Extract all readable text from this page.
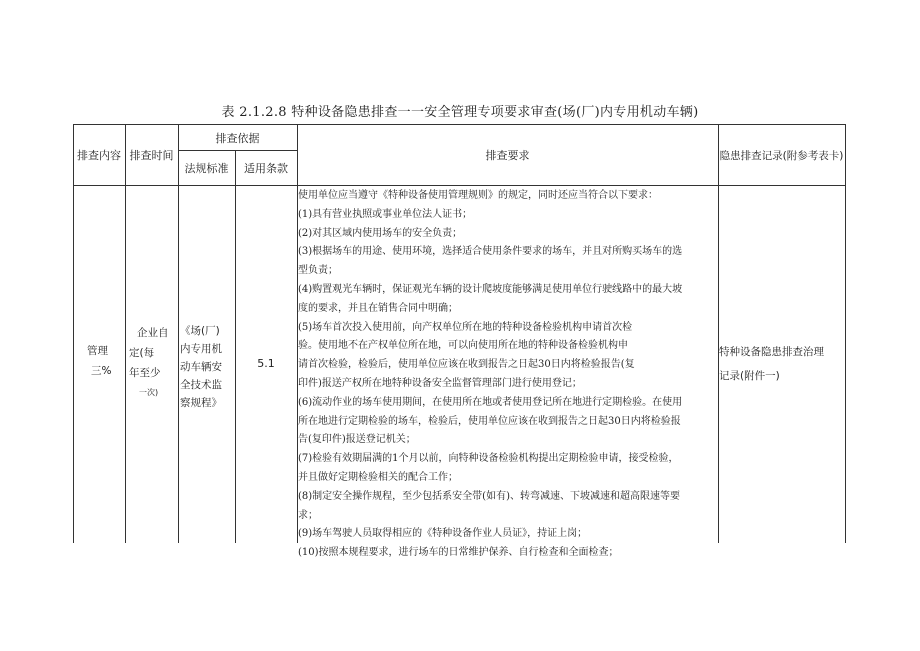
表 2.1.2.8 特种设备隐患排查一一安全管理专项要求审查(场(厂)内专用机动车辆)
排查内容 排查时间
排查依据
法规标准	适用条款
排查要求	隐患排查记录(附参考表卡)
管理
三%
企业自
定(每
年至少
一次)
《场(厂)
内专用机
动车辆安
全技术监
察规程》
5.1
使用单位应当遵守《特种设备使用管理规则》的规定，同时还应当符合以下要求：
(1)具有营业执照或事业单位法人证书；
(2)对其区域内使用场车的安全负责；
(3)根据场车的用途、使用环境，选择适合使用条件要求的场车，并且对所购买场车的选
型负责；
(4)购置观光车辆时，保证观光车辆的设计爬坡度能够满足使用单位行驶线路中的最大坡
度的要求，并且在销售合同中明确；
(5)场车首次投入使用前，向产权单位所在地的特种设备检验机构申请首次检
验。使用地不在产权单位所在地，可以向使用所在地的特种设备检验机构申
请首次检验，检验后，使用单位应该在收到报告之日起30日内将检验报告(复
印件)报送产权所在地特种设备安全监督管理部门进行使用登记；
(6)流动作业的场车使用期间，在使用所在地或者使用登记所在地进行定期检验。在使用
所在地进行定期检验的场车，检验后，使用单位应该在收到报告之日起30日内将检验报
告(复印件)报送登记机关；
(7)检验有效期届满的1个月以前，向特种设备检验机构提出定期检验申请，接受检验，
并且做好定期检验相关的配合工作；
(8)制定安全操作规程，至少包括系安全带(如有)、转弯减速、下坡减速和超高限速等要
求；
(9)场车驾驶人员取得相应的《特种设备作业人员证》，持证上岗；
(10)按照本规程要求，进行场车的日常维护保养、自行检查和全面检查；
特种设备隐患排查治理
记录(附件一)
